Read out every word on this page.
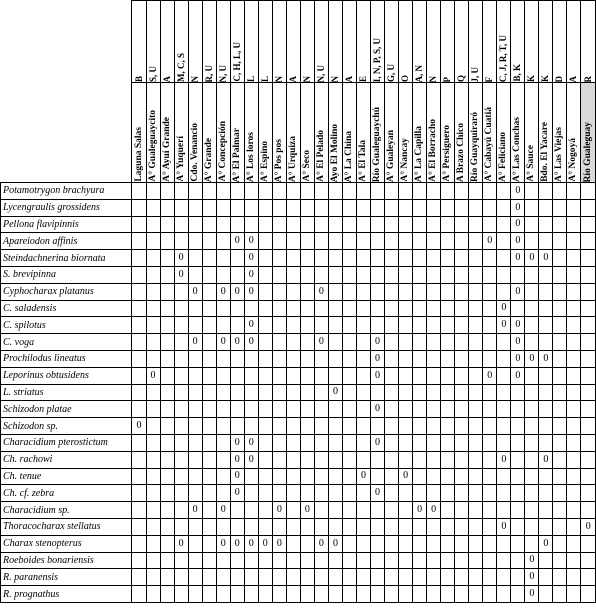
	B	S, U	A	M, C, S	N	R, U	N, U	C, H, L, U	L	L	N	A	N	N, U	N	A	E	I, N, P, S, U	G, U	O	A, N	N	P	Q	J, U	F	C, J, R, T, U	B, K	K	K	D	A	R

	Laguna Salas	A° Gualeguaycito	A° Ayuí Grande	A° Yuquerí	Cdo. Venancio	A° Grande	A° Concepción	A° El Palmar	A° Los loros	A° Espino	A° Pos pos	A° Urquiza	A° Seco	A° El Pelado	Ayo El Molino	A° La China	A° El Tala	Río Gualeguaychú	A° Gualeyan	A° Nancay	A° La Capilla	A° El Borracho	A° Persiguero	A Brazo Chico	Río Guayquiraró	A° Cabayú Cuatiá	A° Feliciano	A° Las Conchas	A° Sauce	Bdo. El Yacare	A° Las Viejas	A° Nogoyá	Río Gualeguay

Potamotrygon brachyura																												0					
Lycengraulis grossidens																												0					
Pellona flavipinnis																												0					
Apareiodon affinis								0	0																	0		0					
Steindachnerina biornata				0					0																			0	0	0			
S. brevipinna				0					0																								
Cyphocharax platanus					0		0	0	0					0														0					
C. saladensis																											0						
C. spilotus									0																		0	0					
C. voga					0		0	0	0					0				0										0					
Prochilodus lineatus																		0										0	0	0			
Leporinus obtusidens		0																0								0		0					
L. striatus															0																		
Schizodon platae																		0															
Schizodon sp.	0																																
Characidium pterostictum								0	0									0															
Ch. rachowi								0	0																		0			0			
Ch. tenue								0									0			0													
Ch. cf. zebra								0										0															
Characidium sp.					0		0				0		0								0	0											
Thoracocharax stellatus																											0						0
Charax stenopterus				0			0	0	0	0	0			0	0															0			
Roeboides bonariensis																													0				
R. paranensis																													0				
R. prognathus																													0				
